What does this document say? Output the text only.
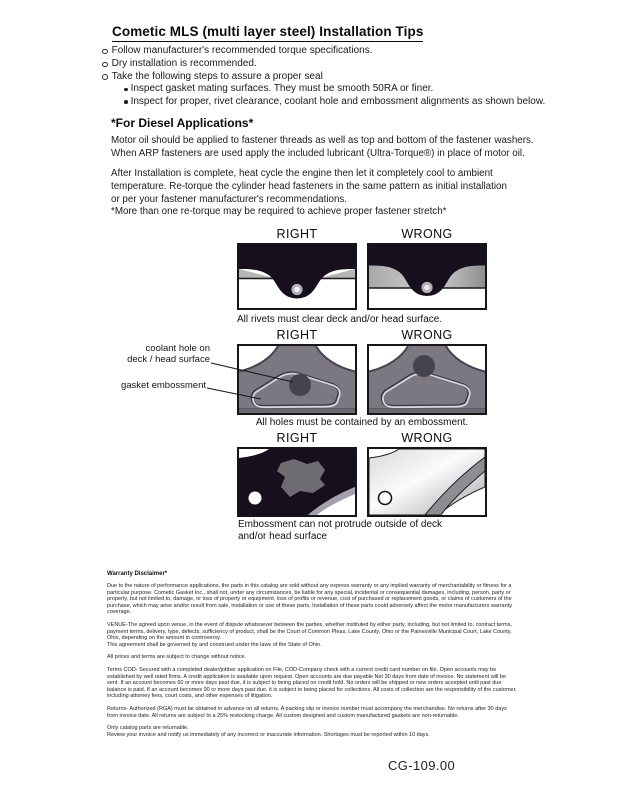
Cometic MLS (multi layer steel) Installation Tips
Follow manufacturer's recommended torque specifications.
Dry installation is recommended.
Take the following steps to assure a proper seal
Inspect gasket mating surfaces. They must be smooth 50RA or finer.
Inspect for proper, rivet clearance, coolant hole and embossment alignments as shown below.
*For Diesel Applications*
Motor oil should be applied to fastener threads as well as top and bottom of the fastener washers.
When ARP fasteners are used apply the included lubricant (Ultra-Torque®) in place of motor oil.
After Installation is complete, heat cycle the engine then let it completely cool to ambient
temperature. Re-torque the cylinder head fasteners in the same pattern as initial installation
or per your fastener manufacturer's recommendations.
*More than one re-torque may be required to achieve proper fastener stretch*
RIGHT	WRONG
All rivets must clear deck and/or head surface.
RIGHT	WRONG
All holes must be contained by an embossment.
coolant hole on
deck / head surface
gasket embossment
RIGHT	WRONG
Embossment can not protrude outside of deck
and/or head surface
Warranty Disclaimer*

Due to the nature of performance applications, the parts in this catalog are sold without any express warranty or any implied warranty of merchantability or fitness for a particular purpose. Cometic Gasket Inc., shall not, under any circumstances, be liable for any special, incidental or consequential damages, including, person, party or property, but not limited to, damage, or loss of property or equipment, loss of profits or revenue, cost of purchased or replacement goods, or claims of customers of the purchase, which may arise and/or result from sale, installation or use of these parts. Installation of these parts could adversely affect the motor manufacturers warranty coverage.

VENUE-The agreed upon venue, in the event of dispute whatsoever between the parties, whether instituted by either party, including, but not limited to, contract terms, payment terms, delivery, type, defects, sufficiency of product, shall be the Court of Common Pleas, Lake County, Ohio or the Painesville Municipal Court, Lake County, Ohio, depending on the amount in controversy.

This agreement shall be governed by and construed under the laws of the State of Ohio.

All prices and terms are subject to change without notice.

Terms COD- Secured with a completed dealer/jobber application on File, COD-Company check with a current credit card number on file. Open accounts may be established by well rated firms. A credit application is available upon request. Open accounts are due payable Net 30 days from date of invoice. No statement will be sent. If an account becomes 60 or more days past due, it is subject to being placed on credit hold. No orders will be shipped or new orders accepted until past due balance is paid. If an account becomes 90 or more days past due, it is subject to being placed for collections. All costs of collection are the responsibility of the customer, including attorney fees, court costs, and other expenses of litigation.

Returns- Authorized (RGA) must be obtained in advance on all returns. A packing slip or invoice number must accompany the merchandise. No returns after 30 days from invoice date. All returns are subject to a 25% restocking charge. All custom designed and custom manufactured gaskets are non-returnable.

Only catalog parts are returnable.

Review your invoice and notify us immediately of any incorrect or inaccurate information. Shortages must be reported within 10 days.

CG-109.00
